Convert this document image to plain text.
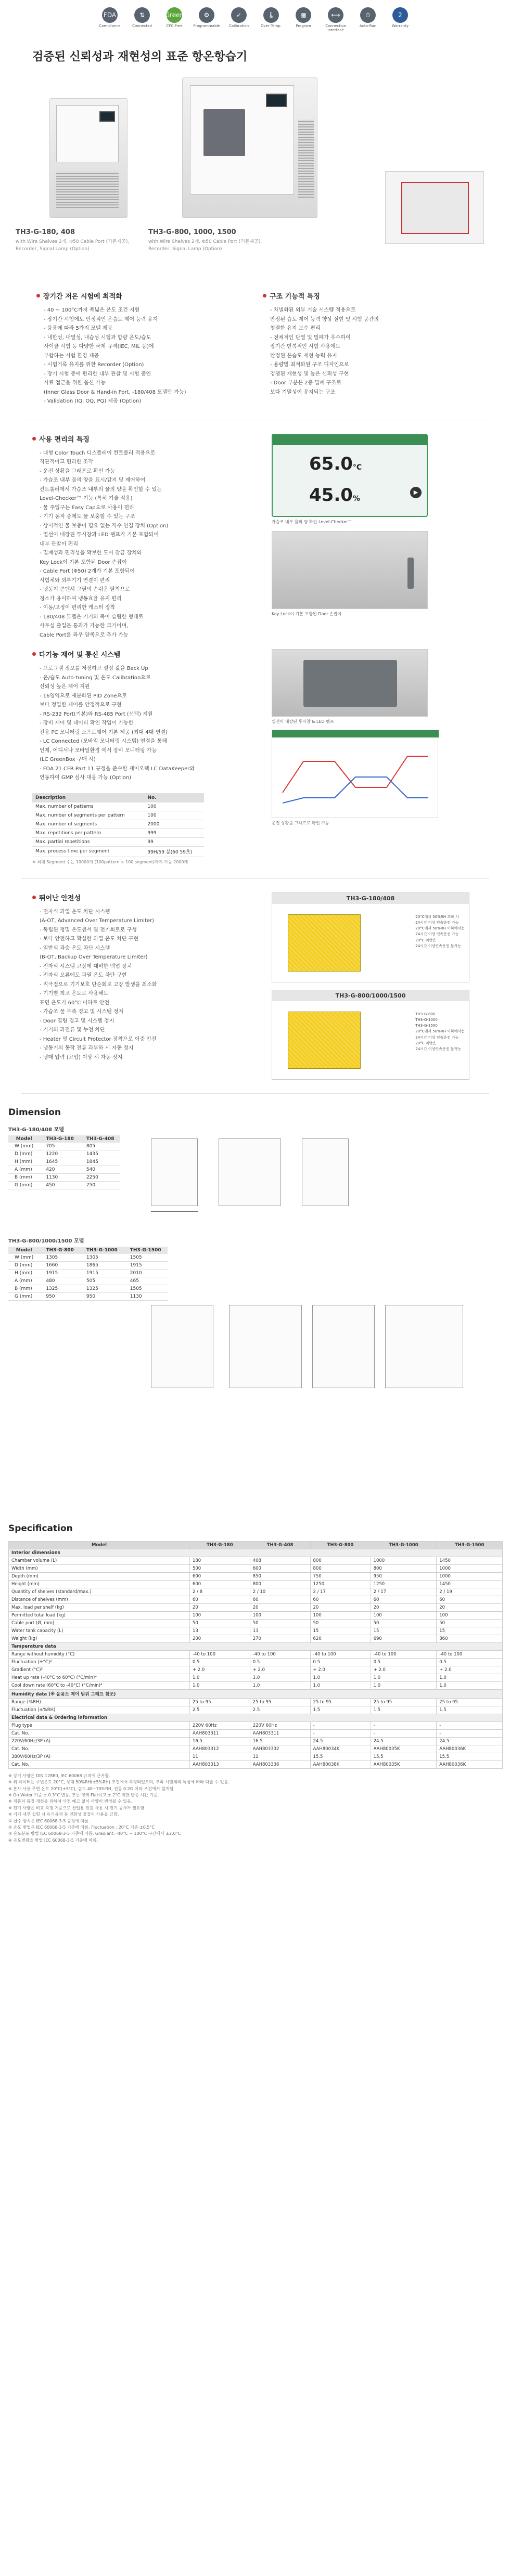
FDA
Compliance
⇅
Connected
Green
CFC-Free
⚙
Programmable
✓
Calibration
🌡
Over Temp.
▦
Program
⟷
Connection Interface
⏱
Auto-Run
2
Warranty
검증된 신뢰성과 재현성의 표준 항온항습기
TH3-G-180, 408
with Wire Shelves 2개, Φ50 Cable Port (기본제공), Recorder, Signal Lamp (Option)
TH3-G-800, 1000, 1500
with Wire Shelves 2개, Φ50 Cable Port (기본제공), Recorder, Signal Lamp (Option)
장기간 저온 시험에 최적화
- 40 ~ 100°C까지 폭넓은 온도 조건 지원
- 장기간 시험에도 안정적인 온습도 제어 능력 유지
- 융용에 따라 5가지 모델 제공
- 내한성, 내열성, 내습성 시험과 함량 온도/습도
사이클 시험 등 다양한 국제 규격(IEC, MIL 등)에
부합하는 시험 환경 제공
- 시험기록 유지를 위한 Recorder (Option)
- 장기 시험 중에 편리한 내부 관찰 및 시험 중인
시료 접근을 위한 옵션 가능
(Inner Glass Door & Hand-in Port, -180/408 모델만 가능)
- Validation (IQ, OQ, PQ) 제공 (Option)
구조 기능적 특징
- 차별화된 외부 기술 시스템 적용으로
안정된 습도 제어 능력 향상 실현 및 시험 공간의
청결한 유지 보수 편리
- 전체적인 단열 및 밀폐가 우수하여
장기간 반복적인 시험 사용에도
안정된 온습도 재현 능력 유지
- 용량별 최적화된 구조 디자인으로
경쟁된 재현성 및 높은 신뢰성 구현
- Door 부분은 2중 밀폐 구조로
보다 기밀성이 유지되는 구조
사용 편리의 특징
- 대형 Color Touch 디스플레이 컨트롤러 적용으로
직관적이고 편리한 조작
- 운전 상황을 그래프로 확인 가능
- 가습조 내부 물의 양을 표시/감지 및 제어하여
컨트롤러에서 가습조 내부의 물의 양을 확인할 수 있는
Level-Checker™ 기능 (특허 기술 적용)
- 물 주입구는 Easy Cap으로 사용이 편리
- 기기 동작 중에도 물 보충할 수 있는 구조
- 상시적인 물 보충이 필요 없는 직수 연결 장치 (Option)
- 열선이 내장된 투시창과 LED 램프가 기본 포함되어
내부 관찰이 편리
- 밀폐성과 편리성을 확보한 도어 잠금 장치와
Key Lock이 기본 포함된 Door 손잡이
- Cable Port (Φ50) 2개가 기본 포함되어
시험체와 외부기기 연결이 편리
- 냉동기 콘덴서 그릴의 손쉬운 탈착으로
청소가 용이하여 냉동효율 유지 편리
- 이동/고정이 편리한 캐스터 장착
- 180/408 모델은 기기의 폭이 슬림한 형태로
사무실 출입문 통과가 가능한 크기이며,
Cable Port를 좌우 양쪽으로 추가 가능
65.0°C
45.0%
▶
가습조 내부 물의 양 확인 Level-Checker™
Key Lock이 기본 포함된 Door 손잡이
다기능 제어 및 통신 시스템
- 프로그램 정보를 저장하고 설정 값을 Back Up
- 온/습도 Auto-tuning 및 온도 Calibration으로
신뢰성 높은 제어 지원
- 16영역으로 세분화된 PID Zone으로
보다 정밀한 제어를 안정적으로 구현
- RS-232 Port(기본)와 RS-485 Port (선택) 지원
- 장비 제어 및 데이터 확인 작업이 가능한
전용 PC 모니터링 소프트웨어 기본 제공 (최대 4대 연결)
- LC Connected (모바일 모니터링 시스템) 연결을 통해
언제, 어디서나 모바일환경 에서 장비 모니터링 가능
(LC GreenBox 구매 시)
- FDA 21 CFR Part 11 규정을 준수한 제이오텍 LC DataKeeper와
연동하여 GMP 심사 대응 가능 (Option)
Description	No.
Max. number of patterns	100
Max. number of segments per pattern	100
Max. number of segments	2000
Max. repetitions per pattern	999
Max. partial repetitions	99
Max. process time per segment	99H/59 분(60 59초)
※ 최대 Segment 수는 10000개 (100pattern × 100 segment)까지 가능 2000개
열선이 내장된 투시창 & LED 램프
운전 상황을 그래프로 확인 가능
뛰어난 안전성
- 전자식 과열 온도 차단 시스템
(A-OT, Advanced Over Temperature Limiter)
- 독립된 정밀 온도센서 및 전기회로로 구성
- 보다 안전하고 확실한 과열 온도 차단 구현
- 일반식 과승 온도 차단 시스템
(B-OT, Backup Over Temperature Limiter)
- 전자식 시스템 고장에 대비한 백업 장치
- 전자식 오류에도 과열 온도 차단 구현
- 직극접으로 기기보호 단순회로 고장 발생을 최소화
- 기기별 최고 온도로 사용해도
표면 온도가 60°C 이하로 안전
- 가습조 물 부족 경고 및 시스템 정지
- Door 열림 경고 및 시스템 정지
- 기기의 과전류 및 누전 차단
- Heater 및 Circuit Protector 장착으로 이중 안전
- 냉동기의 동작 전류 과부하 시 자동 정지
- 냉매 압력 (고압) 이상 시 자동 정지
TH3-G-180/408
20°C에서 50%RH 조화 시
24시간 이상 연속운전 가능
20°C에서 50%RH 이하에서는
24시간 이상 연속운전 가능
20°C 미만은
24시간 이상연속운전 불가능
TH3-G-800/1000/1500
TH3-G-800
TH3-G-1000
TH3-G-1500
20°C에서 50%RH 이하에서는
24시간 이상 연속운전 가능
20°C 미만은
24시간 이상연속운전 불가능
Dimension
TH3-G-180/408 모델
Model	TH3-G-180	TH3-G-408
W (mm)	705	805
D (mm)	1220	1435
H (mm)	1645	1845
A (mm)	420	540
B (mm)	1130	2250
G (mm)	450	750
TH3-G-800/1000/1500 모델
Model	TH3-G-800	TH3-G-1000	TH3-G-1500
W (mm)	1305	1305	1505
D (mm)	1660	1865	1915
H (mm)	1915	1915	2010
A (mm)	480	505	465
B (mm)	1325	1325	1505
G (mm)	950	950	1130
Specification
Model	TH3-G-180	TH3-G-408	TH3-G-800	TH3-G-1000	TH3-G-1500
Interior dimensions					
Chamber volume (L)	180	408	800	1000	1450
Width (mm)	500	600	800	800	1000
Depth (mm)	600	850	750	950	1000
Height (mm)	600	800	1250	1250	1450
Quantity of shelves (standard/max.)	2 / 8	2 / 10	2 / 17	2 / 17	2 / 19
Distance of shelves (mm)	60	60	60	60	60
Max. load per shelf (kg)	20	20	20	20	20
Permitted total load (kg)	100	100	100	100	100
Cable port (Ø, mm)	50	50	50	50	50
Water tank capacity (L)	13	13	15	15	15
Weight (kg)	200	270	620	690	860
Temperature data					
Range without humidity (°C)	-40 to 100	-40 to 100	-40 to 100	-40 to 100	-40 to 100
Fluctuation (±°C)²	0.5	0.5	0.5	0.5	0.5
Gradient (°C)³	+ 2.0	+ 2.0	+ 2.0	+ 2.0	+ 2.0
Heat up rate (-40°C to 60°C) (°C/min)⁴	1.0	1.0	1.0	1.0	1.0
Cool down rate (60°C to -40°C) (°C/min)⁴	1.0	1.0	1.0	1.0	1.0
Humidity data (※ 운용도 제어 범위 그래프 참조)					
Range (%RH)	25 to 95	25 to 95	25 to 95	25 to 95	25 to 95
Fluctuation (±%RH)	2.5	2.5	1.5	1.5	1.5
Electrical data & Ordering information					
Plug type	220V 60Hz	220V 60Hz	-	-	-
Cat. No.	AAH803311	AAH803311	-	-	-
220V/60Hz/3P (A)	16.5	16.5	24.5	24.5	24.5
Cat. No.	AAH803312	AAH803332	AAH80034K	AAH80035K	AAH80036K
380V/60Hz/3P (A)	11	11	15.5	15.5	15.5
Cat. No.	AAH803313	AAH803336	AAH80038K	AAH80035K	AAH80036K
※ 상기 사양은 DIN 12880, IEC 60068 규격에 근거함.
※ 위 데이터는 주변온도 20°C, 상대 50%RH(±5%RH) 조건에서 측정되었으며, 부하 시험체의 특성에 따라 다를 수 있음.
※ 본사 사용 주변 온도 20°C(±5°C), 습도 40~70%RH, 진동 0.2G 이하 조건에서 설계됨.
※ On Water 기준 ± 0.3°C 변동, 모든 영역 Flat이고 ± 2°C 미만 반응 시간 기준.
※ 제품의 품질 개선을 위하여 사전 예고 없이 사양이 변경될 수 있음.
※ 전기 사항은 비교 측정 기준으로 산업용 전원 사용 시 전기 공사가 필요함.
※ 기기 내부 실험 시 유기용제 등 인화성 물질의 사용을 금함.
① 급수 방식은 IEC 60068-3-5 규정에 따름.
② 온도 방법은 IEC 60068-3-5 기준에 따름. Fluctuation : 20°C 기준 ±0.5°C
③ 온도분포 방법 IEC 60068-3-5 기준에 따름. Gradient: -40°C ~ 100°C 구간에서 ±2.0°C
④ 온도변화율 방법 IEC 60068-3-5 기준에 따름.
